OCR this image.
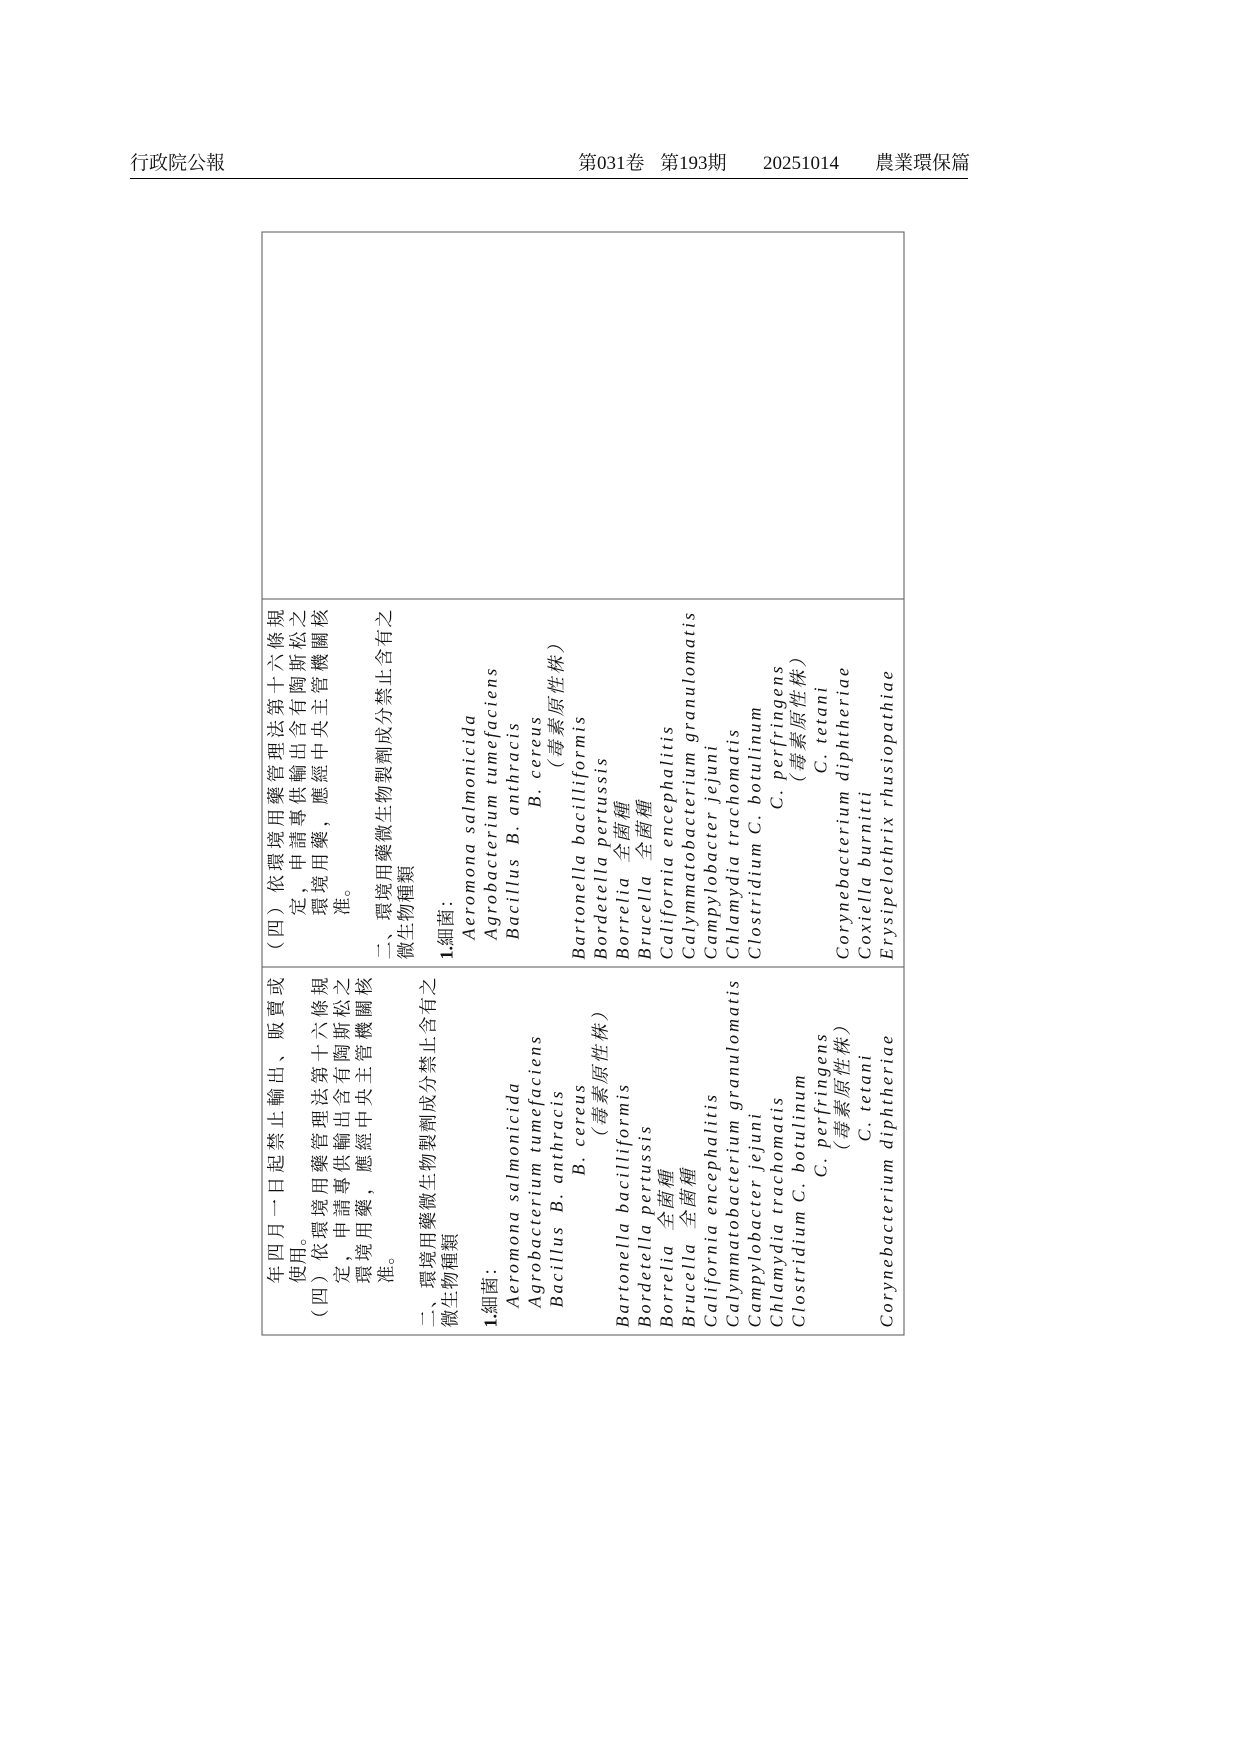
行政院公報	第031卷 第193期 20251014 農業環保篇
年四月一日起禁止輸出、販賣或 使用。 （四）依環境用藥管理法第十六條規 定，申請專供輸出含有陶斯松之 環境用藥，應經中央主管機關核 准。 二、環境用藥微生物製劑成分禁止含有之 微生物種類 1.細菌： Aeromona salmonicida Agrobacterium tumefaciens Bacillus
B. anthracis B. cereus （毒素原性株）
Bartonella bacilliformis Bordetella pertussis Borrelia全菌種
Brucella全菌種 California encephalitis Calymmatobacterium granulomatis Campylobacter jejuni Chlamydia trachomatis Clostridium
C. botulinum C. perfringens （毒素原性株） C. tetani Corynebacterium diphtheriae
（四）依環境用藥管理法第十六條規 定，申請專供輸出含有陶斯松之 環境用藥，應經中央主管機關核 准。 二、環境用藥微生物製劑成分禁止含有之 微生物種類 1.細菌： Aeromona salmonicida Agrobacterium tumefaciens Bacillus
B. anthracis B. cereus （毒素原性株）
Bartonella bacilliformis Bordetella pertussis Borrelia全菌種
Brucella全菌種 California encephalitis Calymmatobacterium granulomatis Campylobacter jejuni Chlamydia trachomatis Clostridium
C. botulinum C. perfringens （毒素原性株） C. tetani Corynebacterium diphtheriae Coxiella burnitti Erysipelothrix rhusiopathiae
